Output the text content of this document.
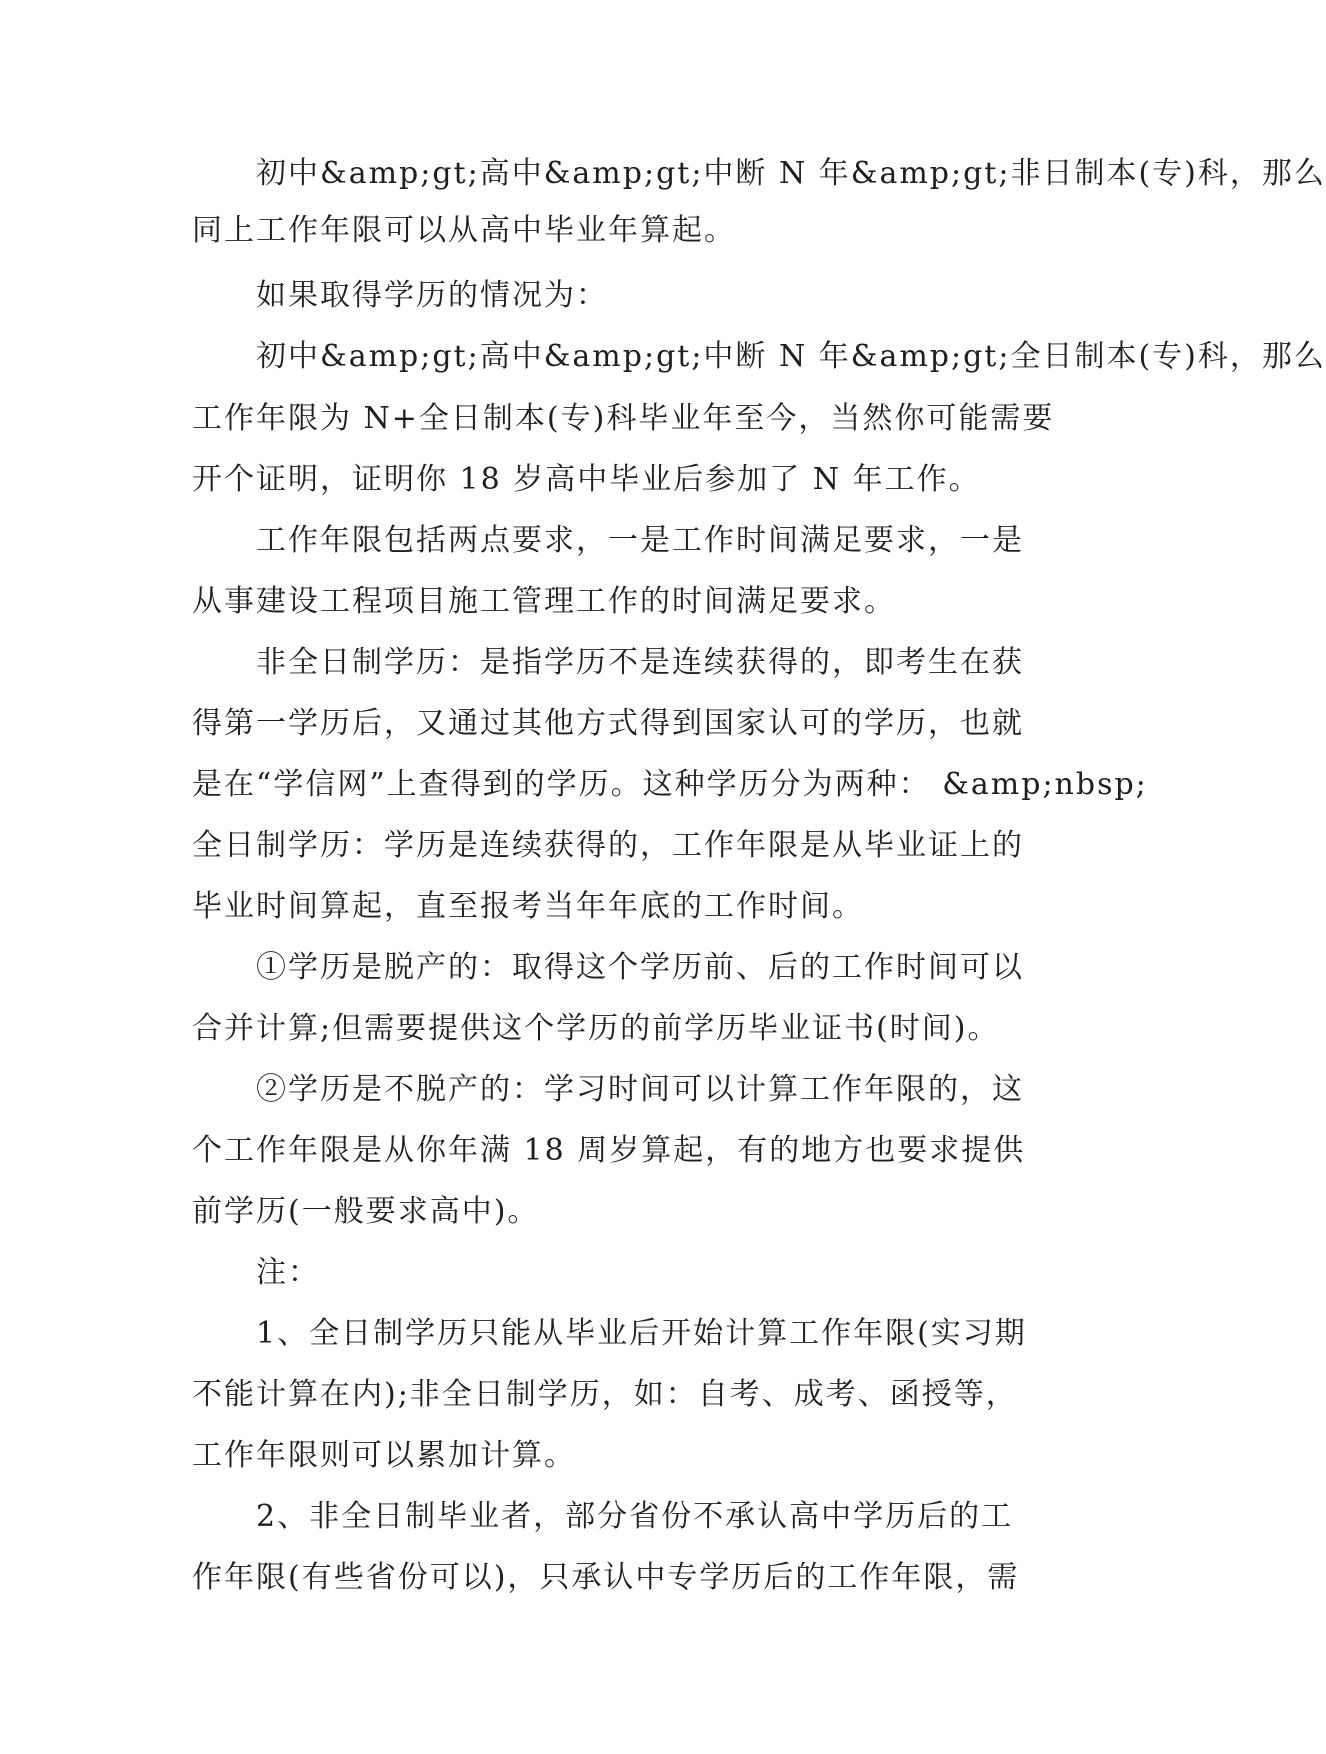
初中&amp;gt;高中&amp;gt;中断 N 年&amp;gt;非日制本(专)科，那么

同上工作年限可以从高中毕业年算起。

如果取得学历的情况为：

初中&amp;gt;高中&amp;gt;中断 N 年&amp;gt;全日制本(专)科，那么

工作年限为 N+全日制本(专)科毕业年至今，当然你可能需要

开个证明，证明你 18 岁高中毕业后参加了 N 年工作。

工作年限包括两点要求，一是工作时间满足要求，一是

从事建设工程项目施工管理工作的时间满足要求。

非全日制学历：是指学历不是连续获得的，即考生在获

得第一学历后，又通过其他方式得到国家认可的学历，也就

是在“学信网”上查得到的学历。这种学历分为两种： &amp;nbsp;

全日制学历：学历是连续获得的，工作年限是从毕业证上的

毕业时间算起，直至报考当年年底的工作时间。

①学历是脱产的：取得这个学历前、后的工作时间可以

合并计算;但需要提供这个学历的前学历毕业证书(时间)。

②学历是不脱产的：学习时间可以计算工作年限的，这

个工作年限是从你年满 18 周岁算起，有的地方也要求提供

前学历(一般要求高中)。

注：

1、全日制学历只能从毕业后开始计算工作年限(实习期

不能计算在内);非全日制学历，如：自考、成考、函授等，

工作年限则可以累加计算。

2、非全日制毕业者，部分省份不承认高中学历后的工

作年限(有些省份可以)，只承认中专学历后的工作年限，需
